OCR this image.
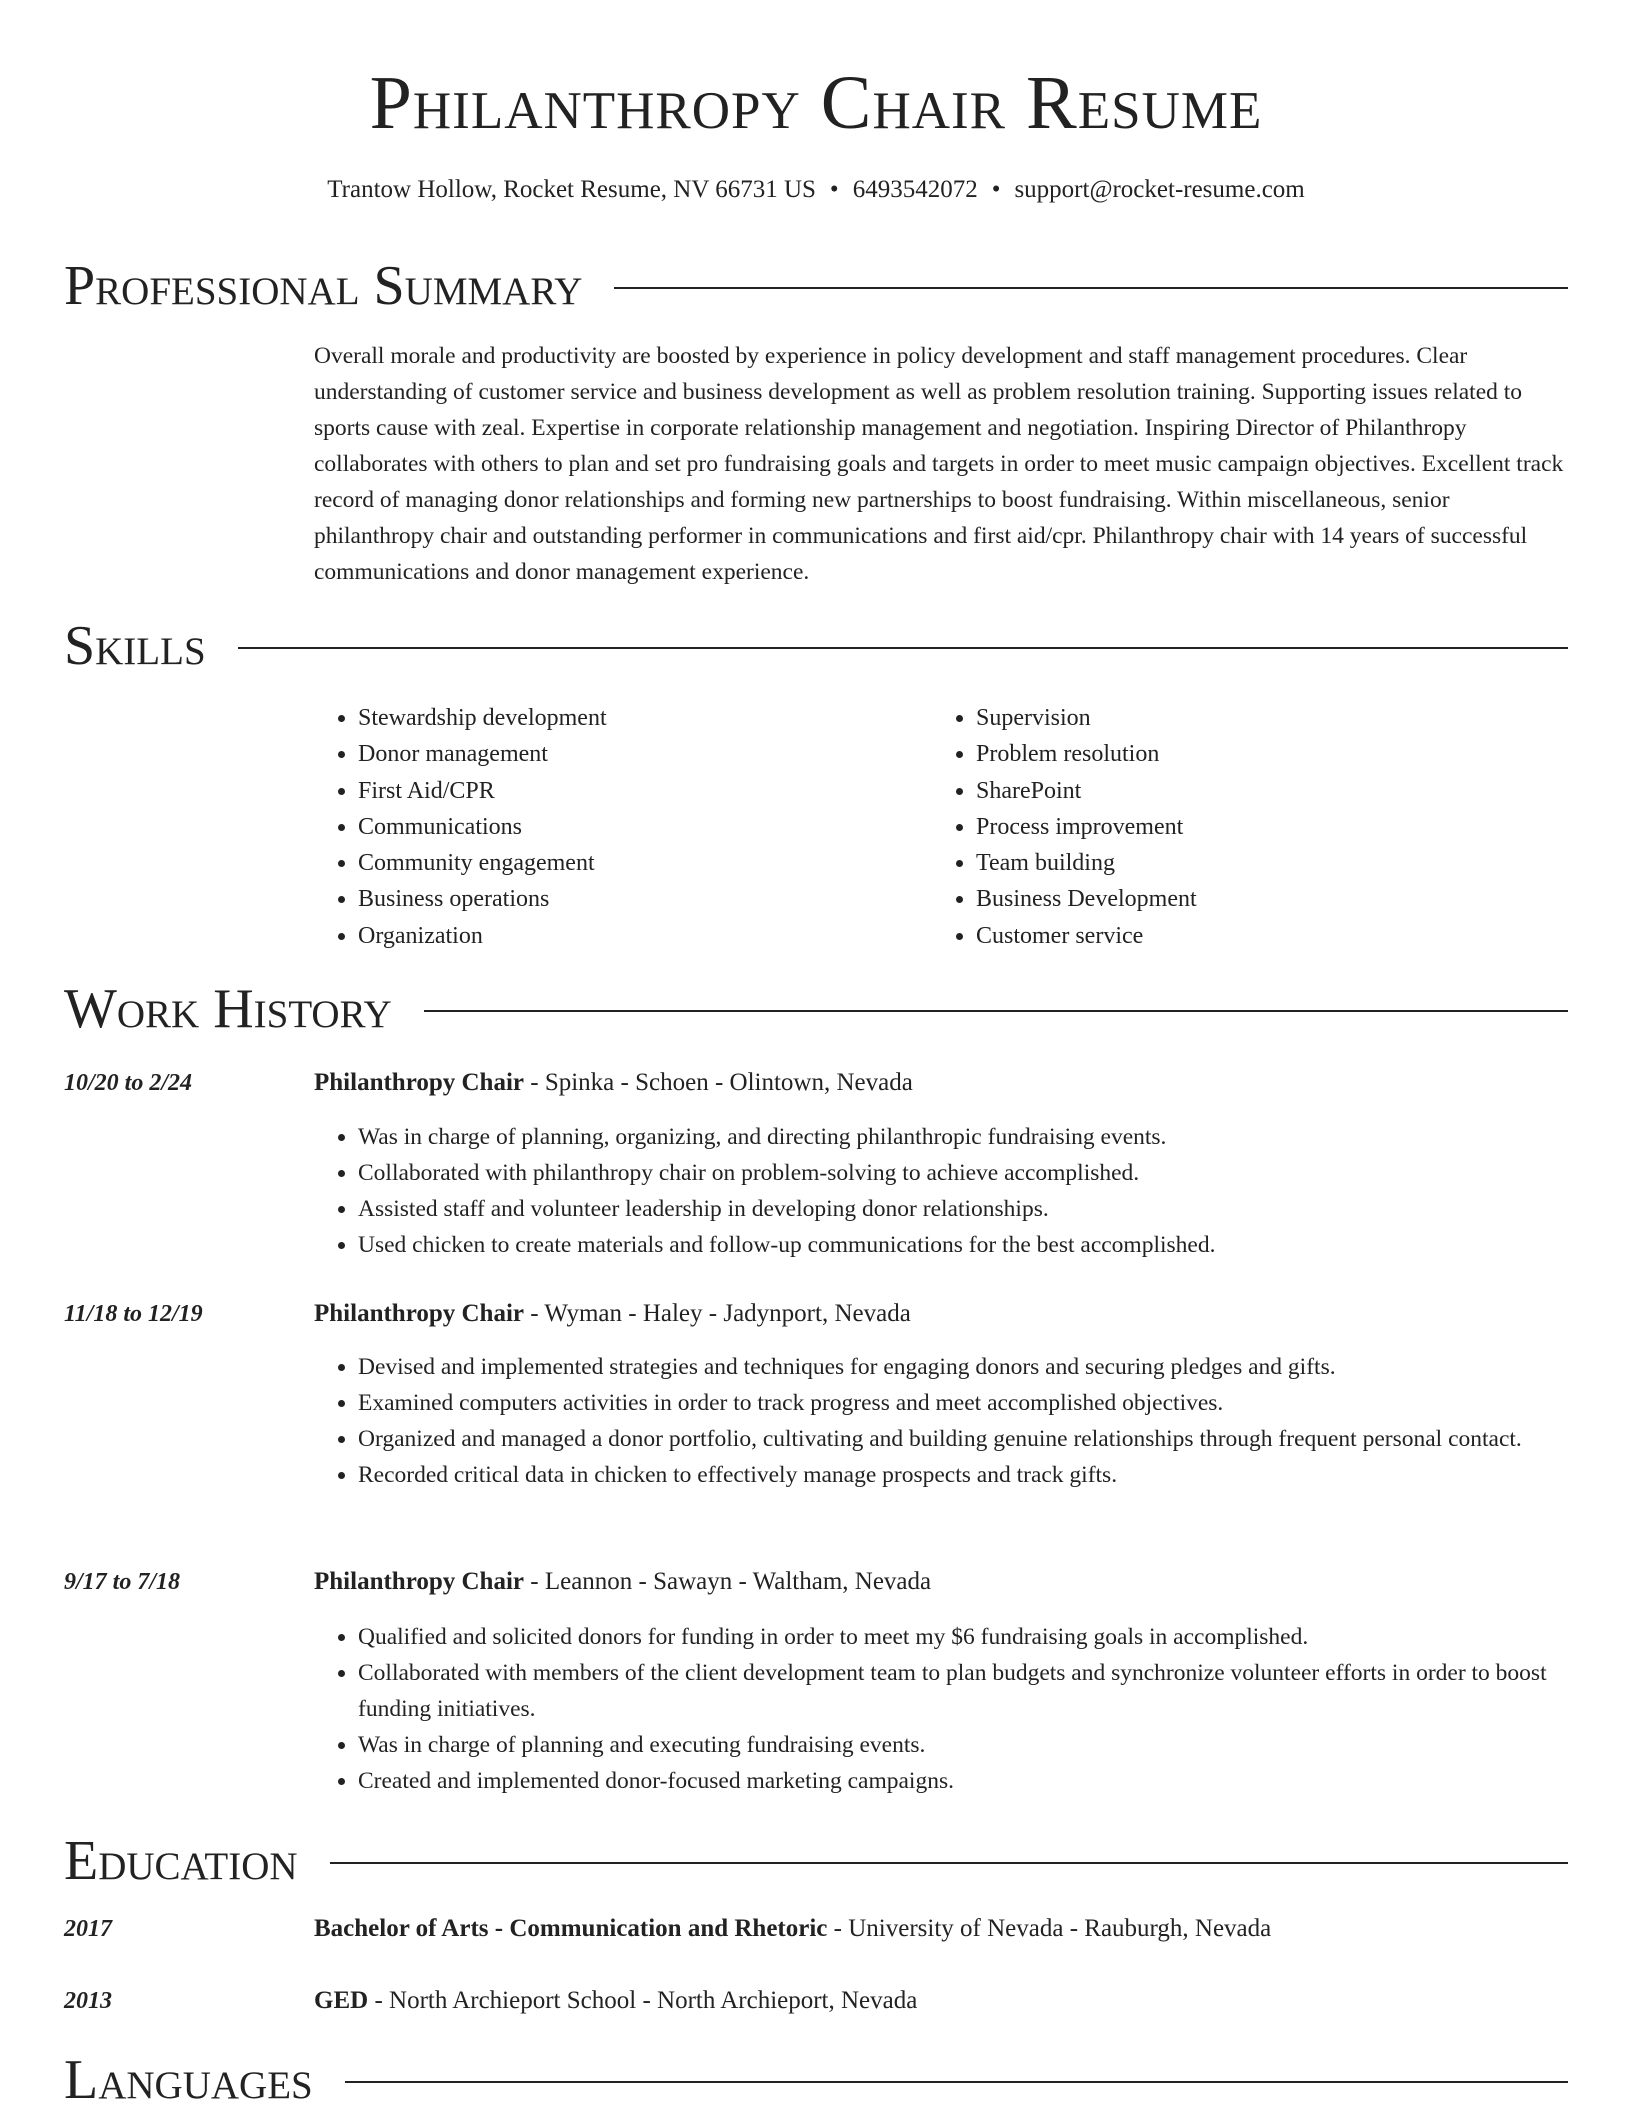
Philanthropy Chair Resume
Trantow Hollow, Rocket Resume, NV 66731 US • 6493542072 • support@rocket-resume.com
Professional Summary
Overall morale and productivity are boosted by experience in policy development and staff management procedures. Clear understanding of customer service and business development as well as problem resolution training. Supporting issues related to sports cause with zeal. Expertise in corporate relationship management and negotiation. Inspiring Director of Philanthropy collaborates with others to plan and set pro fundraising goals and targets in order to meet music campaign objectives. Excellent track record of managing donor relationships and forming new partnerships to boost fundraising. Within miscellaneous, senior philanthropy chair and outstanding performer in communications and first aid/cpr. Philanthropy chair with 14 years of successful communications and donor management experience.
Skills
• Stewardship development
• Donor management
• First Aid/CPR
• Communications
• Community engagement
• Business operations
• Organization
• Supervision
• Problem resolution
• SharePoint
• Process improvement
• Team building
• Business Development
• Customer service
Work History
10/20 to 2/24	Philanthropy Chair - Spinka - Schoen - Olintown, Nevada
• Was in charge of planning, organizing, and directing philanthropic fundraising events.
• Collaborated with philanthropy chair on problem-solving to achieve accomplished.
• Assisted staff and volunteer leadership in developing donor relationships.
• Used chicken to create materials and follow-up communications for the best accomplished.
11/18 to 12/19	Philanthropy Chair - Wyman - Haley - Jadynport, Nevada
• Devised and implemented strategies and techniques for engaging donors and securing pledges and gifts.
• Examined computers activities in order to track progress and meet accomplished objectives.
• Organized and managed a donor portfolio, cultivating and building genuine relationships through frequent personal contact.
• Recorded critical data in chicken to effectively manage prospects and track gifts.
9/17 to 7/18	Philanthropy Chair - Leannon - Sawayn - Waltham, Nevada
• Qualified and solicited donors for funding in order to meet my $6 fundraising goals in accomplished.
• Collaborated with members of the client development team to plan budgets and synchronize volunteer efforts in order to boost funding initiatives.
• Was in charge of planning and executing fundraising events.
• Created and implemented donor-focused marketing campaigns.
Education
2017	Bachelor of Arts - Communication and Rhetoric - University of Nevada - Rauburgh, Nevada
2013	GED - North Archieport School - North Archieport, Nevada
Languages
